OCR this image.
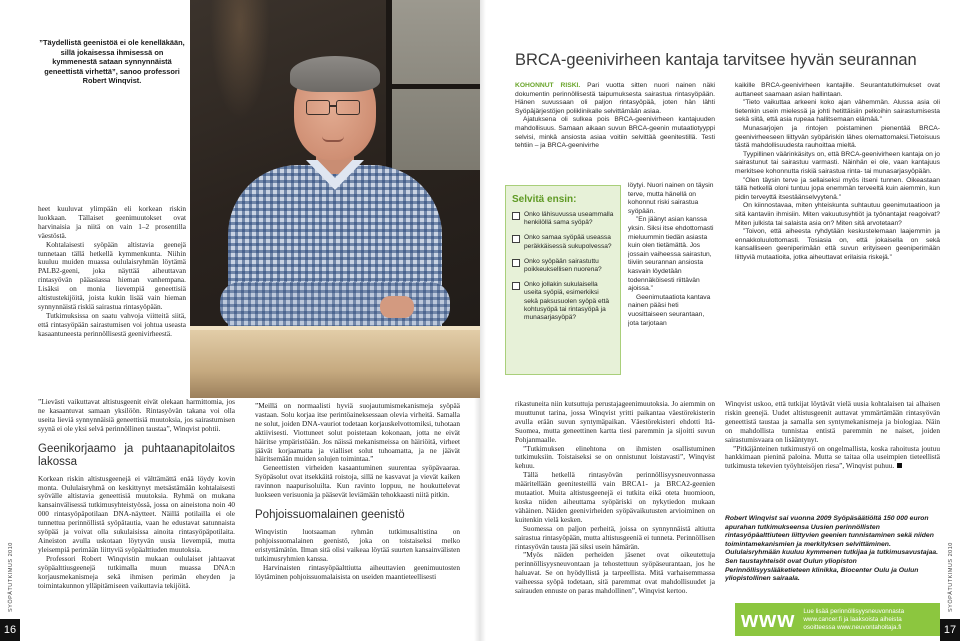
”Täydellistä geenistöä ei ole kenelläkään, sillä jokaisessa ihmisessä on kymmenestä sataan synnynnäistä geneettistä virhettä”, sanoo professori Robert Winqvist.

heet kuuluvat ylimpään eli korkean riskin luokkaan. Tällaiset geenimuutokset ovat harvinaisia ja niitä on vain 1–2 prosentilla väestöstä.

Kohtalaisesti syöpään altistavia geenejä tunnetaan tällä hetkellä kymmenkunta. Niihin kuuluu muiden muassa oululaisryhmän löytämä PALB2-geeni, joka näyttää aiheuttavan rintasyövän pääasiassa hieman vanhempana. Lisäksi on monia lievempiä geneettisiä altistustekijöitä, joista kukin lisää vain hieman synnynnäistä riskiä sairastua rintasyöpään.

Tutkimuksissa on saatu vahvoja viitteitä siitä, että rintasyöpään sairastumisen voi johtua useasta kasaantuneesta perinnöllisestä geenivirheestä.

”Lievästi vaikuttavat altistusgeenit eivät olekaan harmittomia, jos ne kasaantuvat samaan yksilöön. Rintasyövän takana voi olla useita lieviä synnynnäisiä geneettisiä muutoksia, jos sairastumisen syynä ei ole yksi selvä perinnöllinen taustaa”, Winqvist pohtii.

Geenikorjaamo ja puhtaanapitolaitos lakossa

Korkean riskin altistusgeenejä ei välttämättä enää löydy kovin monta. Oululaisryhmä on keskittynyt metsästämään kohtalaisesti syövälle altistavia geneettisiä muutoksia. Ryhmä on mukana kansainvälisessä tutkimusyhteistyössä, jossa on aineistona noin 40 000 rintasyöpäpotilaan DNA-näytteet. Näillä potilailla ei ole tunnettua perinnöllistä syöpätautia, vaan he edustavat satunnaista syöpää ja voivat olla sukulaisissa ainoita rintasyöpäpotilaita. Aineiston avulla uskotaan löytyvän uusia lievempiä, mutta yleisempiä perimään liittyviä syöpäalttiuden muutoksia.

Professori Robert Winqvistin mukaan oululaiset jahtaavat syöpäalttiusgeenejä tutkimalla muun muassa DNA:n korjausmekanismeja sekä ihmisen perimän eheyden ja toimintakunnon ylläpitämiseen vaikuttavia tekijöitä.

”Meillä on normaalisti hyviä suojautumismekanismeja syöpää vastaan. Solu korjaa itse perintöaineksessaan olevia virheitä. Samalla ne solut, joiden DNA-vauriot todetaan korjauskelvottomiksi, tuhotaan aktiivisesti. Viottuneet solut poistetaan kokonaan, jotta ne eivät häiritse ympäristöään. Jos näissä mekanismeissa on häiriöitä, virheet jäävät korjaamatta ja vialliset solut tuhoamatta, ja ne jäävät häiritsemään muiden solujen toimintaa.”

Geneettisten virheiden kasaantuminen suurentaa syöpävaaraa. Syöpäsolut ovat itsekkäitä roistoja, sillä ne kasvavat ja vievät kaiken ravinnon naapurisoluilta. Kun ravinto loppuu, ne houkuttelevat luokseen verisuonia ja pääsevät leviämään tehokkaasti niitä pitkin.

Pohjoissuomalainen geenistö

Winqvistin luotsaaman ryhmän tutkimusaltistina on pohjoissuomalainen geenistö, joka on toistaiseksi melko eristyttämätön. Ilman sitä olisi vaikeaa löytää suurten kansainvälisten tutkimusryhmien kanssa.

Harvinaisten rintasyöpäalttiutta aiheuttavien geenimuutosten löytäminen pohjoissuomalaisista on useiden maantieteellisesti

SYÖPÄTUTKIMUS 2010
16
BRCA-geenivirheen kantaja tarvitsee hyvän seurannan

KOHONNUT RISKI. Pari vuotta sitten nuori nainen näki dokumentin perinnöllisestä taipumuksesta sairastua rintasyöpään. Hänen suvussaan oli paljon rintasyöpää, joten hän lähti Syöpäjärjestöjen poliklinikalle selvittämään asiaa.

Ajatuksena oli sulkea pois BRCA-geenivirheen kantajuuden mahdollisuus. Samaan aikaan suvun BRCA-geenin mutaatiotyyppi selvisi, minkä ansiosta asiaa voitiin selvittää geenitestillä. Testi tehtiin – ja BRCA-geenivirhe

Selvitä ensin:
Onko lähisuvussa useammalla henkilöllä sama syöpä?
Onko samaa syöpää useassa peräkkäisessä sukupolvessa?
Onko syöpään sairastuttu poikkeuksellisen nuorena?
Onko jollakin sukulaisella useita syöpiä, esimerkiksi sekä paksusuolen syöpä että kohtusyöpä tai rintasyöpä ja munasarjasyöpä?

löytyi. Nuori nainen on täysin terve, mutta hänellä on kohonnut riski sairastua syöpään.

”En jäänyt asian kanssa yksin. Siksi itse ehdottomasti mieluummin tiedän asiasta kuin olen tietämättä. Jos jossain vaiheessa sairastun, tiiviin seurannan ansiosta kasvain löydetään todennäköisesti riittävän ajoissa.”

Geenimutaatiota kantava nainen pääsi heti vuosittaiseen seurantaan, jota tarjotaan

kaikille BRCA-geenivirheen kantajille. Seurantatutkimukset ovat auttaneet saamaan asian hallintaan.

”Tieto vaikuttaa arkeeni koko ajan vähemmän. Alussa asia oli tietenkin usein mielessä ja johti hetittäisiin pelkoihin sairastumisesta sekä siitä, että asia rupeaa hallitsemaan elämää.”

Munasarjojen ja rintojen poistaminen pienentää BRCA-geenivirheeseen liittyvän syöpäriskin lähes olemattomaksi.Tietoisuus tästä mahdollisuudesta rauhoittaa mieltä.

Tyypillinen väärinkäsitys on, että BRCA-geenivirheen kantaja on jo sairastunut tai sairastuu varmasti. Näinhän ei ole, vaan kantajuus merkitsee kohonnutta riskiä sairastua rinta- tai munasarjasyöpään.

”Olen täysin terve ja sellaiseksi myös itseni tunnen. Oikeastaan tällä hetkellä oloni tuntuu jopa enemmän terveeltä kuin aiemmin, kun pidin terveyttä itsestäänselvyytenä.”

On kiinnostavaa, miten yhteiskunta suhtautuu geenimutaatioon ja sitä kantaviin ihmisiin. Miten vakuutusyhtiöt ja työnantajat reagoivat? Miten julkista tai salaista asia on? Miten sitä arvotetaan?

”Toivon, että aiheesta ryhdytään keskustelemaan laajemmin ja ennakkoluulottomasti. Tosiasia on, että jokaisella on sekä kansalliseen geeniperimään että suvun erityiseen geeniperimään liittyviä mutaatioita, jotka aiheuttavat erilaisia riskejä.”

rikastuneita niin kutsuttuja perustajageenimuutoksia. Jo aiemmin on muuttunut tarina, jossa Winqvist yritti paikantaa väestörekisterin avulla erään suvun syntymäpaikan. Väestörekisteri ehdotti Itä-Suomea, mutta geneettinen kartta tiesi paremmin ja sijoitti suvun Pohjanmaalle.

”Tutkimuksen elinehtona on ihmisten osallistuminen tutkimuksiin. Toistaiseksi se on onnistunut loistavasti”, Winqvist kehuu.

Tällä hetkellä rintasyövän perinnöllisyysneuvonnassa määritellään geenitesteillä vain BRCA1- ja BRCA2-geenien mutaatiot. Muita altistusgeenejä ei tutkita eikä oteta huomioon, koska niiden aiheuttama syöpäriski on nykytiedon mukaan vähäinen. Näiden geenivirheiden syöpävaikutusten arvioiminen on kuitenkin vielä kesken.

Suomessa on paljon perheitä, joissa on synnynnäistä altiutta sairastua rintasyöpään, mutta altistusgeeniä ei tunneta. Perinnöllisen rintasyövän tausta jää siksi usein hämärän.

”Myös näiden perheiden jäsenet ovat oikeutettuja perinnöllisyysneuvontaan ja tehostettuun syöpäseurantaan, jos he haluavat. Se on hyödyllistä ja tarpeellista. Mitä varhaisemmassa vaiheessa syöpä todetaan, sitä paremmat ovat mahdollisuudet ja sairauden ennuste on paras mahdollinen”, Winqvist kertoo.

Winqvist uskoo, että tutkijat löytävät vielä uusia kohtalaisen tai alhaisen riskin geenejä. Uudet altistusgeenit auttavat ymmärtämään rintasyövän geneettistä taustaa ja samalla sen syntymekanismeja ja biologiaa. Näin on mahdollista tunnistaa entistä paremmin ne naiset, joiden sairastumisvaara on lisääntynyt.

”Pitkäjänteinen tutkimustyö on ongelmallista, koska rahoitusta joutuu hankkimaan pieninä paloina. Mutta se taitaa olla useimpien tieteellistä tutkimusta tekevien työyhteisöjen riesa”, Winqvist puhuu.

Robert Winqvist sai vuonna 2009 Syöpäsäätiöltä 150 000 euron apurahan tutkimukseensa Uusien perinnöllisten rintasyöpäalttiuteen liittyvien geenien tunnistaminen sekä niiden toimintamekanismien ja merkityksen selvittäminen. Oululaisryhmään kuuluu kymmenen tutkijaa ja tutkimusavustajaa. Sen taustayhteisöt ovat Oulun yliopiston Perinnöllisyyslääketieteen klinikka, Biocenter Oulu ja Oulun yliopistollinen sairaala.
www Lue lisää perinnöllisyysneuvonnasta
www.cancer.fi ja laaksoista aiheista
osoitteessa www.neuvontahoitaja.fi
SYÖPÄTUTKIMUS 2010
17
